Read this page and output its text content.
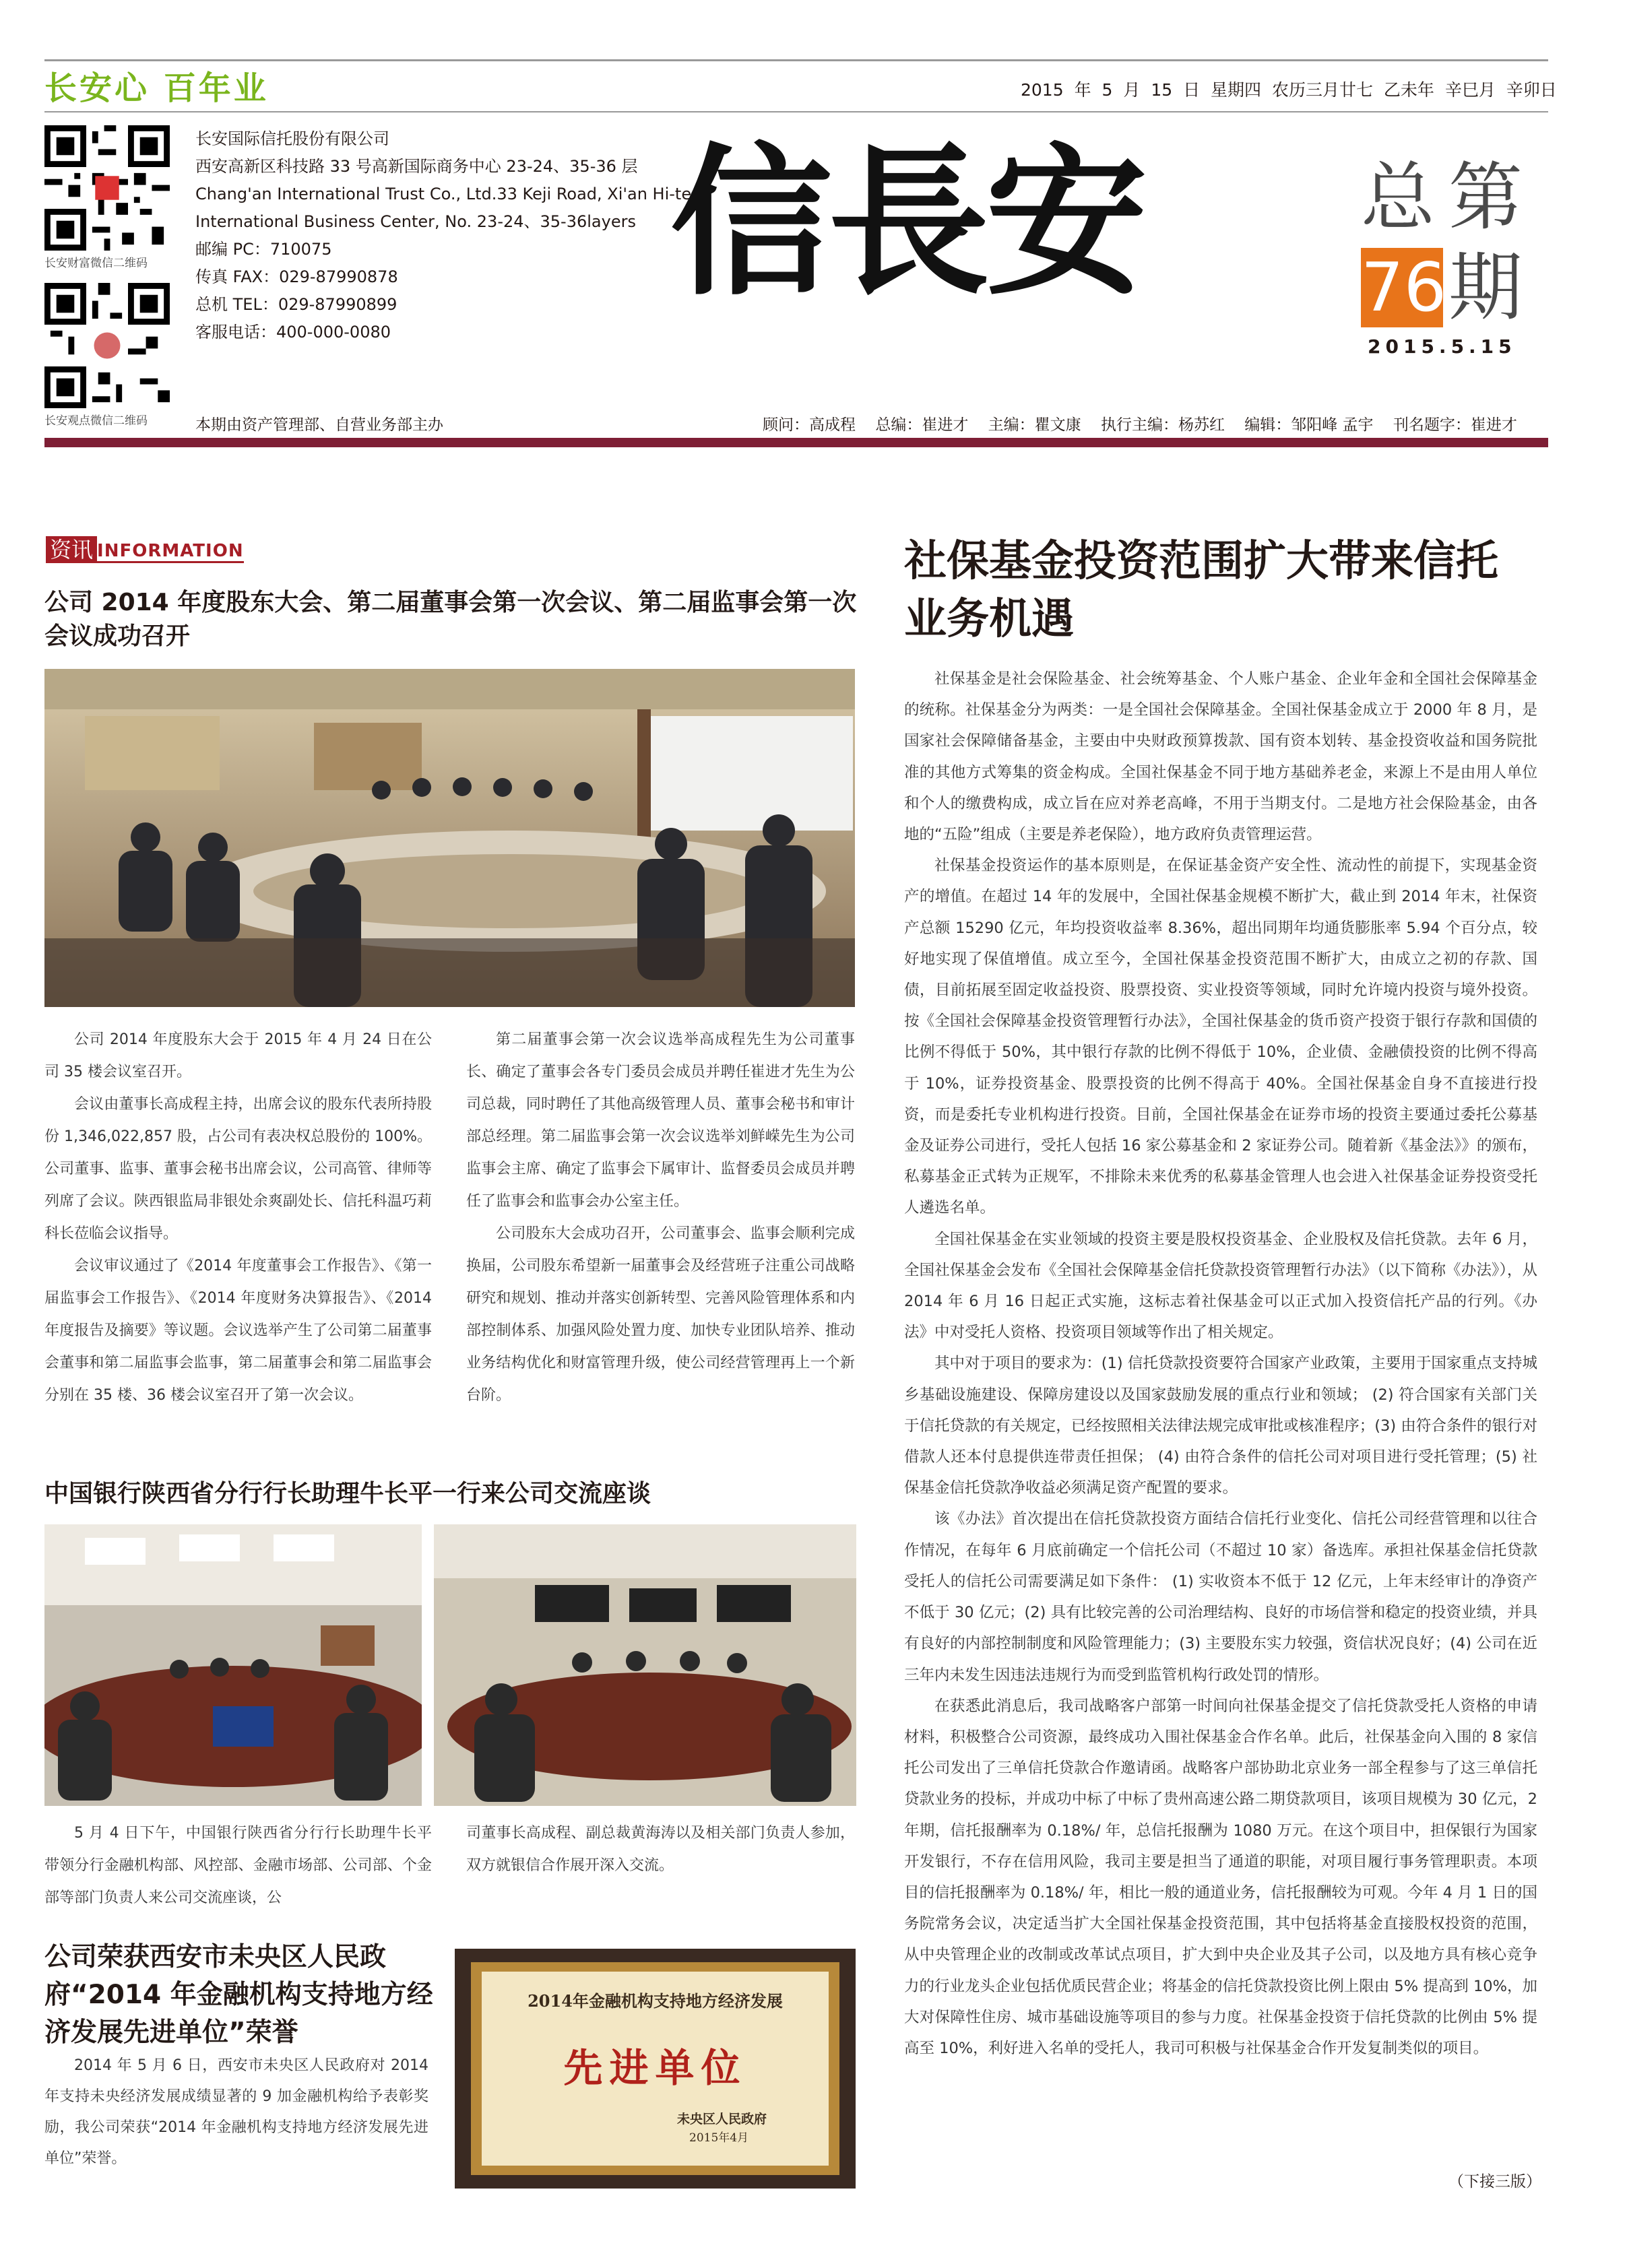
长安心 百年业	2015 年 5 月 15 日 星期四 农历三月廿七 乙未年 辛巳月 辛卯日
长安财富微信二维码
长安观点微信二维码
长安国际信托股份有限公司
西安高新区科技路 33 号高新国际商务中心 23-24、35-36 层
Chang'an International Trust Co., Ltd.33 Keji Road, Xi'an Hi-tech
International Business Center, No. 23-24、35-36layers
邮编 PC：710075
传真 FAX：029-87990878
总机 TEL：029-87990899
客服电话：400-000-0080
信長安	总 第
76 期
2015.5.15
本期由资产管理部、自营业务部主办	顾问：高成程 总编：崔进才 主编：瞿文康 执行主编：杨苏红 编辑：邹阳峰 孟宇 刊名题字：崔进才
资讯 INFORMATION
公司 2014 年度股东大会、第二届董事会第一次会议、第二届监事会第一次会议成功召开

公司 2014 年度股东大会于 2015 年 4 月 24 日在公司 35 楼会议室召开。

会议由董事长高成程主持，出席会议的股东代表所持股份 1,346,022,857 股，占公司有表决权总股份的 100%。公司董事、监事、董事会秘书出席会议，公司高管、律师等列席了会议。陕西银监局非银处余爽副处长、信托科温巧莉科长莅临会议指导。

会议审议通过了《2014 年度董事会工作报告》、《第一届监事会工作报告》、《2014 年度财务决算报告》、《2014 年度报告及摘要》等议题。会议选举产生了公司第二届董事会董事和第二届监事会监事，第二届董事会和第二届监事会分别在 35 楼、36 楼会议室召开了第一次会议。

第二届董事会第一次会议选举高成程先生为公司董事长、确定了董事会各专门委员会成员并聘任崔进才先生为公司总裁，同时聘任了其他高级管理人员、董事会秘书和审计部总经理。第二届监事会第一次会议选举刘鲜嵘先生为公司监事会主席、确定了监事会下属审计、监督委员会成员并聘任了监事会和监事会办公室主任。

公司股东大会成功召开，公司董事会、监事会顺利完成换届，公司股东希望新一届董事会及经营班子注重公司战略研究和规划、推动并落实创新转型、完善风险管理体系和内部控制体系、加强风险处置力度、加快专业团队培养、推动业务结构优化和财富管理升级，使公司经营管理再上一个新台阶。

中国银行陕西省分行行长助理牛长平一行来公司交流座谈

5 月 4 日下午，中国银行陕西省分行行长助理牛长平带领分行金融机构部、风控部、金融市场部、公司部、个金部等部门负责人来公司交流座谈，公

司董事长高成程、副总裁黄海涛以及相关部门负责人参加，双方就银信合作展开深入交流。

公司荣获西安市未央区人民政府“2014 年金融机构支持地方经济发展先进单位”荣誉

2014 年 5 月 6 日，西安市未央区人民政府对 2014 年支持未央经济发展成绩显著的 9 加金融机构给予表彰奖励，我公司荣获“2014 年金融机构支持地方经济发展先进单位”荣誉。

2014年金融机构支持地方经济发展
先进单位
未央区人民政府
2015年4月
社保基金投资范围扩大带来信托业务机遇

社保基金是社会保险基金、社会统筹基金、个人账户基金、企业年金和全国社会保障基金的统称。社保基金分为两类：一是全国社会保障基金。全国社保基金成立于 2000 年 8 月，是国家社会保障储备基金，主要由中央财政预算拨款、国有资本划转、基金投资收益和国务院批准的其他方式筹集的资金构成。全国社保基金不同于地方基础养老金，来源上不是由用人单位和个人的缴费构成，成立旨在应对养老高峰，不用于当期支付。二是地方社会保险基金，由各地的“五险”组成（主要是养老保险），地方政府负责管理运营。

社保基金投资运作的基本原则是，在保证基金资产安全性、流动性的前提下，实现基金资产的增值。在超过 14 年的发展中，全国社保基金规模不断扩大，截止到 2014 年末，社保资产总额 15290 亿元，年均投资收益率 8.36%，超出同期年均通货膨胀率 5.94 个百分点，较好地实现了保值增值。成立至今，全国社保基金投资范围不断扩大，由成立之初的存款、国债，目前拓展至固定收益投资、股票投资、实业投资等领域，同时允许境内投资与境外投资。按《全国社会保障基金投资管理暂行办法》，全国社保基金的货币资产投资于银行存款和国债的比例不得低于 50%，其中银行存款的比例不得低于 10%，企业债、金融债投资的比例不得高于 10%，证券投资基金、股票投资的比例不得高于 40%。全国社保基金自身不直接进行投资，而是委托专业机构进行投资。目前，全国社保基金在证券市场的投资主要通过委托公募基金及证券公司进行，受托人包括 16 家公募基金和 2 家证券公司。随着新《基金法》》的颁布，私募基金正式转为正规军，不排除未来优秀的私募基金管理人也会进入社保基金证券投资受托人遴选名单。

全国社保基金在实业领域的投资主要是股权投资基金、企业股权及信托贷款。去年 6 月，全国社保基金会发布《全国社会保障基金信托贷款投资管理暂行办法》（以下简称《办法》），从 2014 年 6 月 16 日起正式实施，这标志着社保基金可以正式加入投资信托产品的行列。《办法》中对受托人资格、投资项目领域等作出了相关规定。

其中对于项目的要求为：(1) 信托贷款投资要符合国家产业政策，主要用于国家重点支持城乡基础设施建设、保障房建设以及国家鼓励发展的重点行业和领域； (2) 符合国家有关部门关于信托贷款的有关规定，已经按照相关法律法规完成审批或核准程序；(3) 由符合条件的银行对借款人还本付息提供连带责任担保； (4) 由符合条件的信托公司对项目进行受托管理；(5) 社保基金信托贷款净收益必须满足资产配置的要求。

该《办法》首次提出在信托贷款投资方面结合信托行业变化、信托公司经营管理和以往合作情况，在每年 6 月底前确定一个信托公司（不超过 10 家）备选库。承担社保基金信托贷款受托人的信托公司需要满足如下条件： (1) 实收资本不低于 12 亿元，上年末经审计的净资产不低于 30 亿元；(2) 具有比较完善的公司治理结构、良好的市场信誉和稳定的投资业绩，并具有良好的内部控制制度和风险管理能力；(3) 主要股东实力较强，资信状况良好；(4) 公司在近三年内未发生因违法违规行为而受到监管机构行政处罚的情形。

在获悉此消息后，我司战略客户部第一时间向社保基金提交了信托贷款受托人资格的申请材料，积极整合公司资源，最终成功入围社保基金合作名单。此后，社保基金向入围的 8 家信托公司发出了三单信托贷款合作邀请函。战略客户部协助北京业务一部全程参与了这三单信托贷款业务的投标，并成功中标了中标了贵州高速公路二期贷款项目，该项目规模为 30 亿元，2 年期，信托报酬率为 0.18%/ 年，总信托报酬为 1080 万元。在这个项目中，担保银行为国家开发银行，不存在信用风险，我司主要是担当了通道的职能，对项目履行事务管理职责。本项目的信托报酬率为 0.18%/ 年，相比一般的通道业务，信托报酬较为可观。今年 4 月 1 日的国务院常务会议，决定适当扩大全国社保基金投资范围，其中包括将基金直接股权投资的范围，从中央管理企业的改制或改革试点项目，扩大到中央企业及其子公司，以及地方具有核心竞争力的行业龙头企业包括优质民营企业；将基金的信托贷款投资比例上限由 5% 提高到 10%，加大对保障性住房、城市基础设施等项目的参与力度。社保基金投资于信托贷款的比例由 5% 提高至 10%，利好进入名单的受托人，我司可积极与社保基金合作开发复制类似的项目。

（下接三版）
